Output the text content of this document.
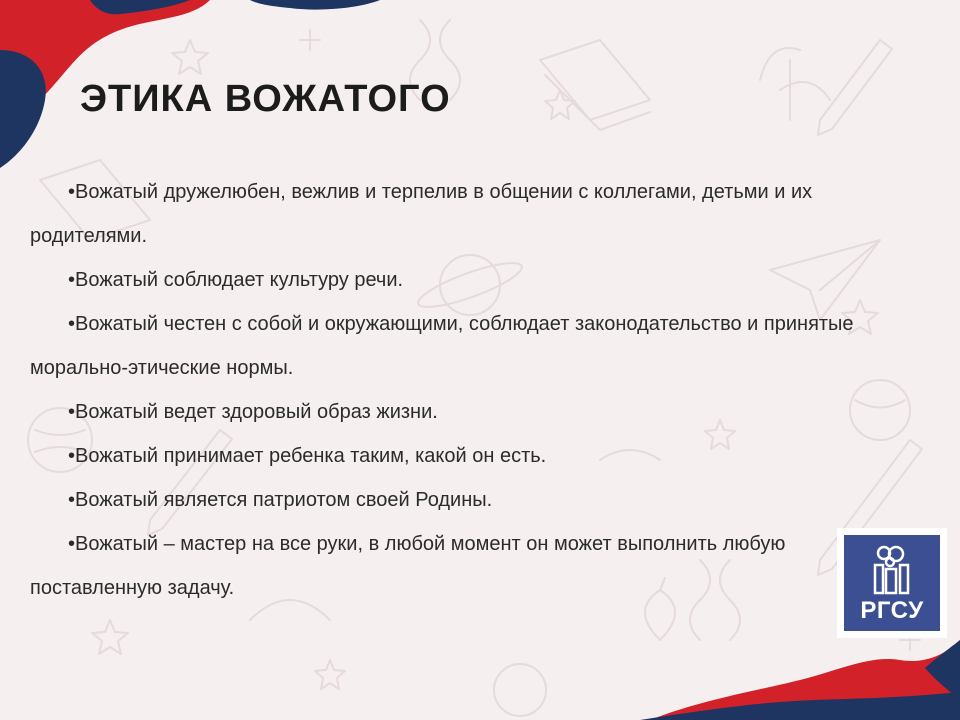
ЭТИКА ВОЖАТОГО
•Вожатый дружелюбен, вежлив и терпелив в общении с коллегами, детьми и их родителями.
•Вожатый соблюдает культуру речи.
•Вожатый честен с собой и окружающими, соблюдает законодательство и принятые морально-этические нормы.
•Вожатый ведет здоровый образ жизни.
•Вожатый принимает ребенка таким, какой он есть.
•Вожатый является патриотом своей Родины.
•Вожатый – мастер на все руки, в любой момент он может выполнить любую поставленную задачу.
РГСУ
